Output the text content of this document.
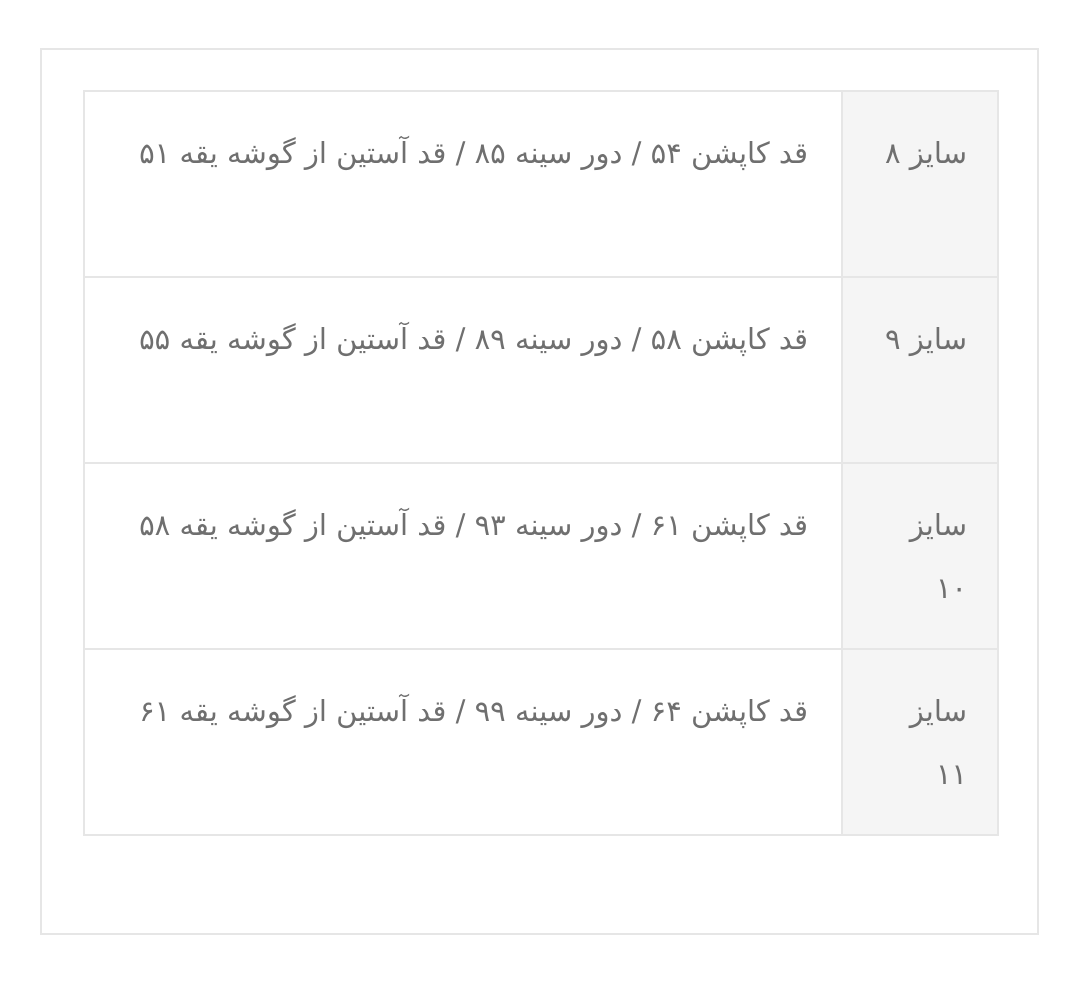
سایز ۸	قد کاپشن ۵۴ / دور سینه ۸۵ / قد آستین از گوشه یقه ۵۱
سایز ۹	قد کاپشن ۵۸ / دور سینه ۸۹ / قد آستین از گوشه یقه ۵۵
سایز ۱۰	قد کاپشن ۶۱ / دور سینه ۹۳ / قد آستین از گوشه یقه ۵۸
سایز ۱۱	قد کاپشن ۶۴ / دور سینه ۹۹ / قد آستین از گوشه یقه ۶۱
